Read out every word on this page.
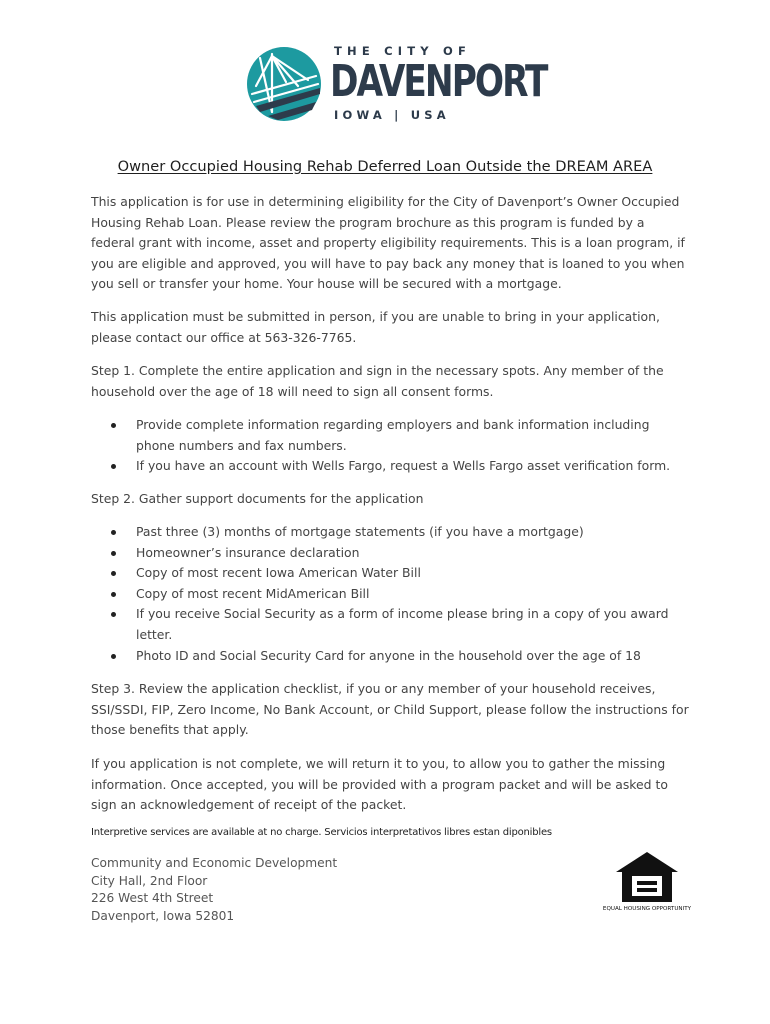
THE CITY OF
DAVENPORT
IOWA | USA
Owner Occupied Housing Rehab Deferred Loan Outside the DREAM AREA

This application is for use in determining eligibility for the City of Davenport’s Owner Occupied Housing Rehab Loan. Please review the program brochure as this program is funded by a federal grant with income, asset and property eligibility requirements. This is a loan program, if you are eligible and approved, you will have to pay back any money that is loaned to you when you sell or transfer your home. Your house will be secured with a mortgage.

This application must be submitted in person, if you are unable to bring in your application, please contact our office at 563-326-7765.

Step 1. Complete the entire application and sign in the necessary spots. Any member of the household over the age of 18 will need to sign all consent forms.

Provide complete information regarding employers and bank information including phone numbers and fax numbers.
If you have an account with Wells Fargo, request a Wells Fargo asset verification form.

Step 2. Gather support documents for the application

Past three (3) months of mortgage statements (if you have a mortgage)
Homeowner’s insurance declaration
Copy of most recent Iowa American Water Bill
Copy of most recent MidAmerican Bill
If you receive Social Security as a form of income please bring in a copy of you award letter.
Photo ID and Social Security Card for anyone in the household over the age of 18

Step 3. Review the application checklist, if you or any member of your household receives, SSI/SSDI, FIP, Zero Income, No Bank Account, or Child Support, please follow the instructions for those benefits that apply.

If you application is not complete, we will return it to you, to allow you to gather the missing information. Once accepted, you will be provided with a program packet and will be asked to sign an acknowledgement of receipt of the packet.

Interpretive services are available at no charge. Servicios interpretativos libres estan diponibles
Community and Economic Development
City Hall, 2nd Floor
226 West 4th Street
Davenport, Iowa 52801	EQUAL HOUSING OPPORTUNITY
